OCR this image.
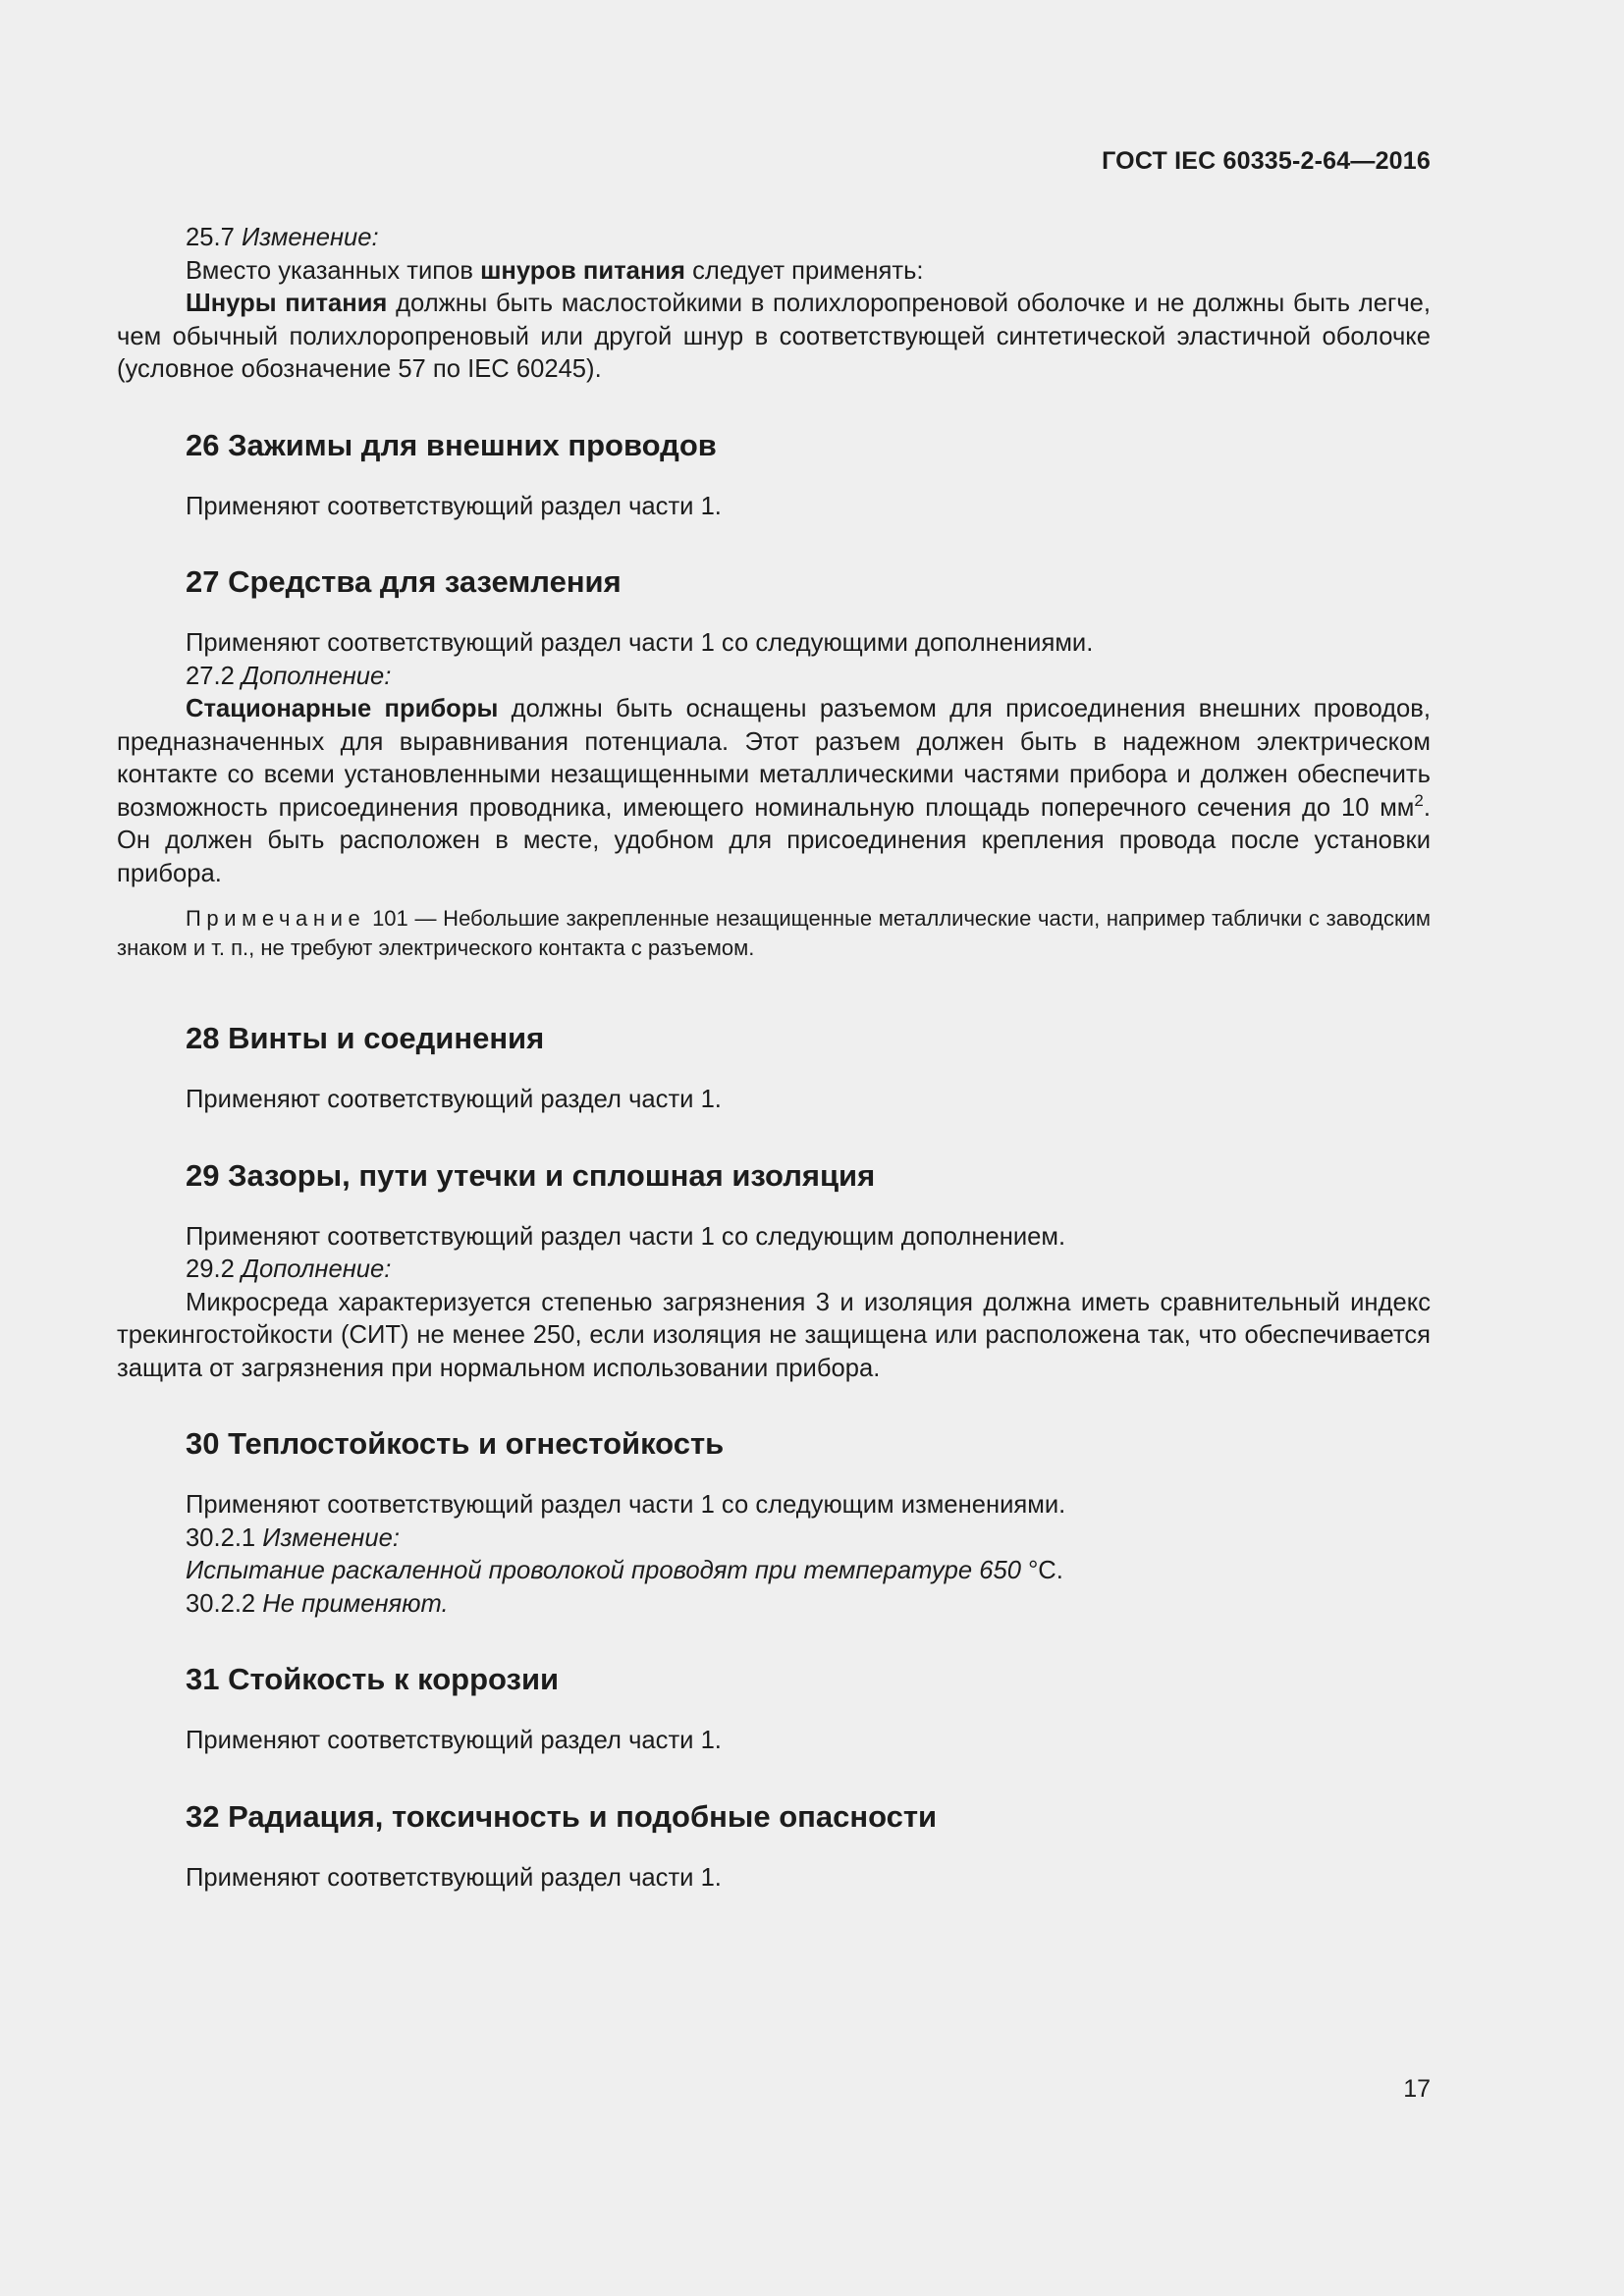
ГОСТ IEC 60335-2-64—2016

25.7 Изменение:

Вместо указанных типов шнуров питания следует применять:

Шнуры питания должны быть маслостойкими в полихлоропреновой оболочке и не должны быть легче, чем обычный полихлоропреновый или другой шнур в соответствующей синтетической эластичной оболочке (условное обозначение 57 по IEC 60245).

26 Зажимы для внешних проводов

Применяют соответствующий раздел части 1.

27 Средства для заземления

Применяют соответствующий раздел части 1 со следующими дополнениями.

27.2 Дополнение:

Стационарные приборы должны быть оснащены разъемом для присоединения внешних проводов, предназначенных для выравнивания потенциала. Этот разъем должен быть в надежном электрическом контакте со всеми установленными незащищенными металлическими частями прибора и должен обеспечить возможность присоединения проводника, имеющего номинальную площадь поперечного сечения до 10 $мм^2$. Он должен быть расположен в месте, удобном для присоединения крепления провода после установки прибора.

Примечание 101 — Небольшие закрепленные незащищенные металлические части, например таблички с заводским знаком и т. п., не требуют электрического контакта с разъемом.

28 Винты и соединения

Применяют соответствующий раздел части 1.

29 Зазоры, пути утечки и сплошная изоляция

Применяют соответствующий раздел части 1 со следующим дополнением.

29.2 Дополнение:

Микросреда характеризуется степенью загрязнения 3 и изоляция должна иметь сравнительный индекс трекингостойкости (СИТ) не менее 250, если изоляция не защищена или расположена так, что обеспечивается защита от загрязнения при нормальном использовании прибора.

30 Теплостойкость и огнестойкость

Применяют соответствующий раздел части 1 со следующим изменениями.

30.2.1 Изменение:

Испытание раскаленной проволокой проводят при температуре 650 °С.

30.2.2 Не применяют.

31 Стойкость к коррозии

Применяют соответствующий раздел части 1.

32 Радиация, токсичность и подобные опасности

Применяют соответствующий раздел части 1.

17
